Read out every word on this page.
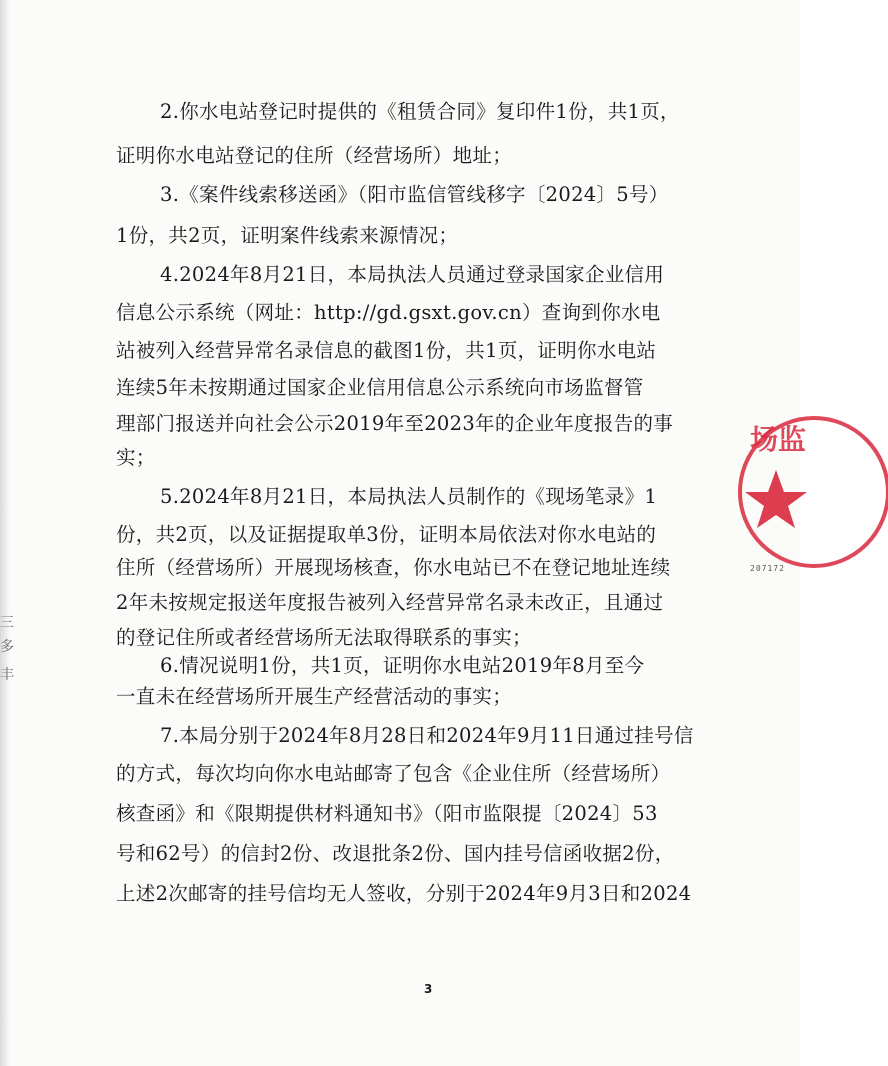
三
多
丰
2.你水电站登记时提供的《租赁合同》复印件1份，共1页，
证明你水电站登记的住所（经营场所）地址；
3.《案件线索移送函》（阳市监信管线移字〔2024〕5号）
1份，共2页，证明案件线索来源情况；
4.2024年8月21日，本局执法人员通过登录国家企业信用
信息公示系统（网址：http://gd.gsxt.gov.cn）查询到你水电
站被列入经营异常名录信息的截图1份，共1页，证明你水电站
连续5年未按期通过国家企业信用信息公示系统向市场监督管
理部门报送并向社会公示2019年至2023年的企业年度报告的事
实；
5.2024年8月21日，本局执法人员制作的《现场笔录》1
份，共2页，以及证据提取单3份，证明本局依法对你水电站的
住所（经营场所）开展现场核查，你水电站已不在登记地址连续
2年未按规定报送年度报告被列入经营异常名录未改正，且通过
的登记住所或者经营场所无法取得联系的事实；
6.情况说明1份，共1页，证明你水电站2019年8月至今
一直未在经营场所开展生产经营活动的事实；
7.本局分别于2024年8月28日和2024年9月11日通过挂号信
的方式，每次均向你水电站邮寄了包含《企业住所（经营场所）
核查函》和《限期提供材料通知书》（阳市监限提〔2024〕53
号和62号）的信封2份、改退批条2份、国内挂号信函收据2份，
上述2次邮寄的挂号信均无人签收，分别于2024年9月3日和2024
3
场监
207172
